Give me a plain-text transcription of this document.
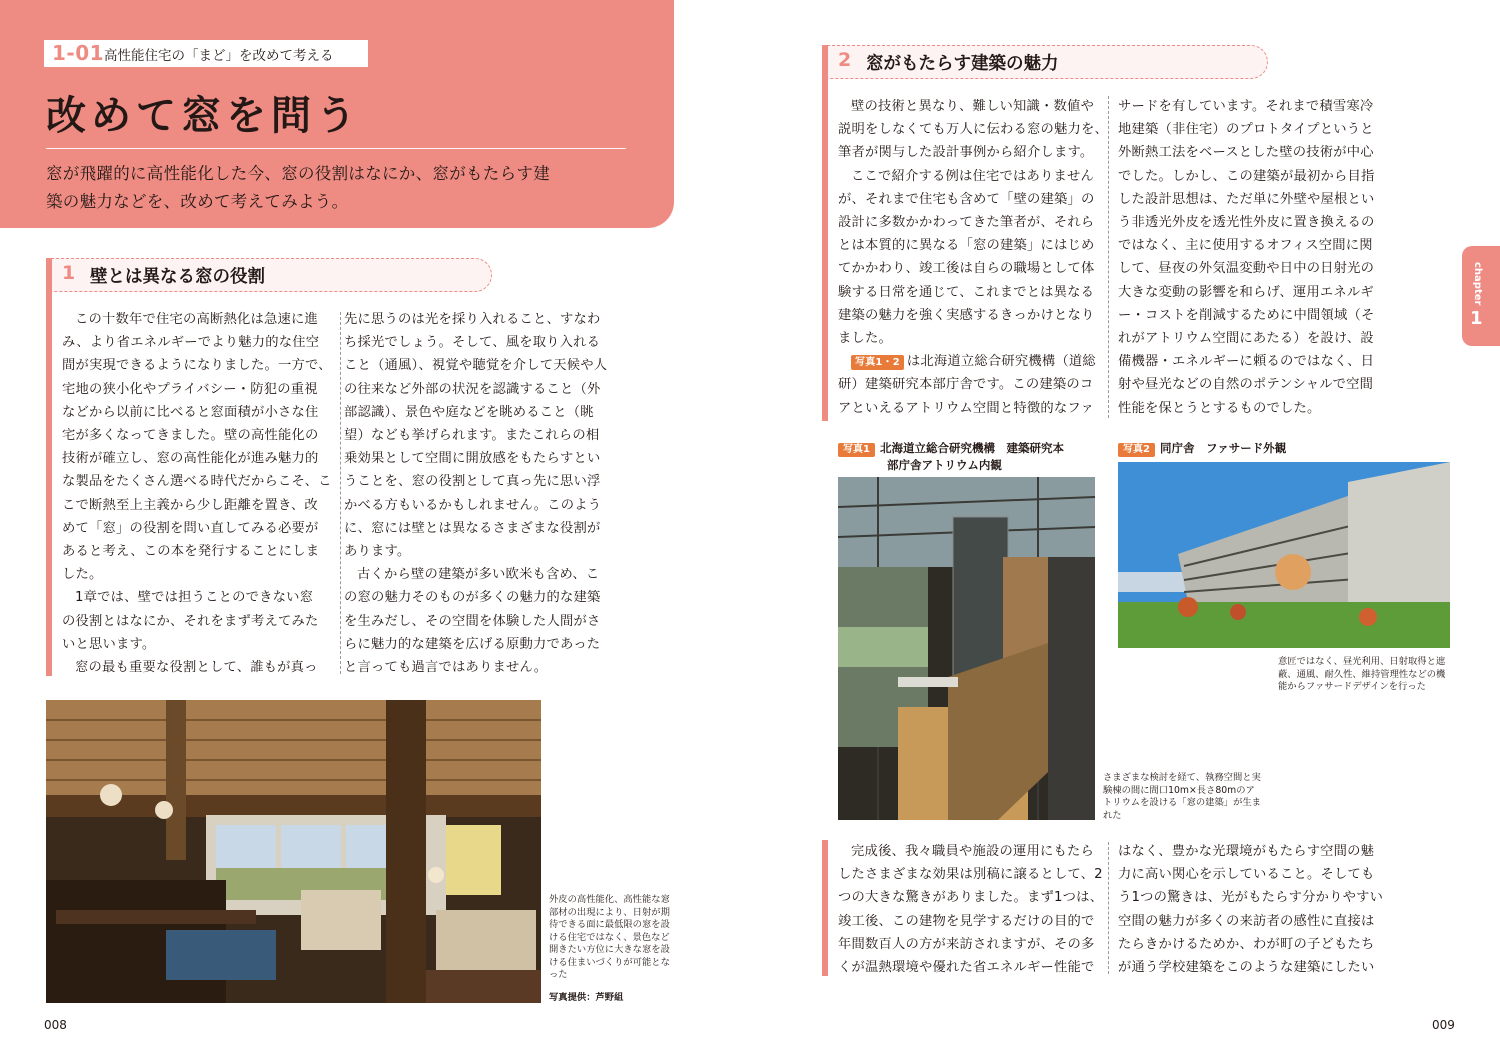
1-01 高性能住宅の「まど」を改めて考える
改めて窓を問う
窓が飛躍的に高性能化した今、窓の役割はなにか、窓がもたらす建
築の魅力などを、改めて考えてみよう。
1 壁とは異なる窓の役割
この十数年で住宅の高断熱化は急速に進
み、より省エネルギーでより魅力的な住空
間が実現できるようになりました。一方で、
宅地の狭小化やプライバシー・防犯の重視
などから以前に比べると窓面積が小さな住
宅が多くなってきました。壁の高性能化の
技術が確立し、窓の高性能化が進み魅力的
な製品をたくさん選べる時代だからこそ、こ
こで断熱至上主義から少し距離を置き、改
めて「窓」の役割を問い直してみる必要が
あると考え、この本を発行することにしま
した。
1章では、壁では担うことのできない窓
の役割とはなにか、それをまず考えてみた
いと思います。
窓の最も重要な役割として、誰もが真っ
先に思うのは光を採り入れること、すなわ
ち採光でしょう。そして、風を取り入れる
こと（通風）、視覚や聴覚を介して天候や人
の往来など外部の状況を認識すること（外
部認識）、景色や庭などを眺めること（眺
望）なども挙げられます。またこれらの相
乗効果として空間に開放感をもたらすとい
うことを、窓の役割として真っ先に思い浮
かべる方もいるかもしれません。このよう
に、窓には壁とは異なるさまざまな役割が
あります。
古くから壁の建築が多い欧米も含め、こ
の窓の魅力そのものが多くの魅力的な建築
を生みだし、その空間を体験した人間がさ
らに魅力的な建築を広げる原動力であった
と言っても過言ではありません。
外皮の高性能化、高性能な窓
部材の出現により、日射が期
待できる面に最低限の窓を設
ける住宅ではなく、景色など
開きたい方位に大きな窓を設
ける住まいづくりが可能とな
った
写真提供：芦野組
008
2 窓がもたらす建築の魅力
壁の技術と異なり、難しい知識・数値や
説明をしなくても万人に伝わる窓の魅力を、
筆者が関与した設計事例から紹介します。
ここで紹介する例は住宅ではありません
が、それまで住宅も含めて「壁の建築」の
設計に多数かかわってきた筆者が、それら
とは本質的に異なる「窓の建築」にはじめ
てかかわり、竣工後は自らの職場として体
験する日常を通じて、これまでとは異なる
建築の魅力を強く実感するきっかけとなり
ました。
写真1・2 は北海道立総合研究機構（道総
研）建築研究本部庁舎です。この建築のコ
アといえるアトリウム空間と特徴的なファ
サードを有しています。それまで積雪寒冷
地建築（非住宅）のプロトタイプというと
外断熱工法をベースとした壁の技術が中心
でした。しかし、この建築が最初から目指
した設計思想は、ただ単に外壁や屋根とい
う非透光外皮を透光性外皮に置き換えるの
ではなく、主に使用するオフィス空間に関
して、昼夜の外気温変動や日中の日射光の
大きな変動の影響を和らげ、運用エネルギ
ー・コストを削減するために中間領域（そ
れがアトリウム空間にあたる）を設け、設
備機器・エネルギーに頼るのではなく、日
射や昼光などの自然のポテンシャルで空間
性能を保とうとするものでした。
写真1 北海道立総合研究機構　建築研究本
部庁舎アトリウム内観
さまざまな検討を経て、執務空間と実
験棟の間に間口10m×長さ80mのア
トリウムを設ける「窓の建築」が生ま
れた
写真2 同庁舎　ファサード外観
意匠ではなく、昼光利用、日射取得と遮
蔽、通風、耐久性、維持管理性などの機
能からファサードデザインを行った
完成後、我々職員や施設の運用にもたら
したさまざまな効果は別稿に譲るとして、2
つの大きな驚きがありました。まず1つは、
竣工後、この建物を見学するだけの目的で
年間数百人の方が来訪されますが、その多
くが温熱環境や優れた省エネルギー性能で
はなく、豊かな光環境がもたらす空間の魅
力に高い関心を示していること。そしても
う1つの驚きは、光がもたらす分かりやすい
空間の魅力が多くの来訪者の感性に直接は
たらきかけるためか、わが町の子どもたち
が通う学校建築をこのような建築にしたい
chapter
1
009
